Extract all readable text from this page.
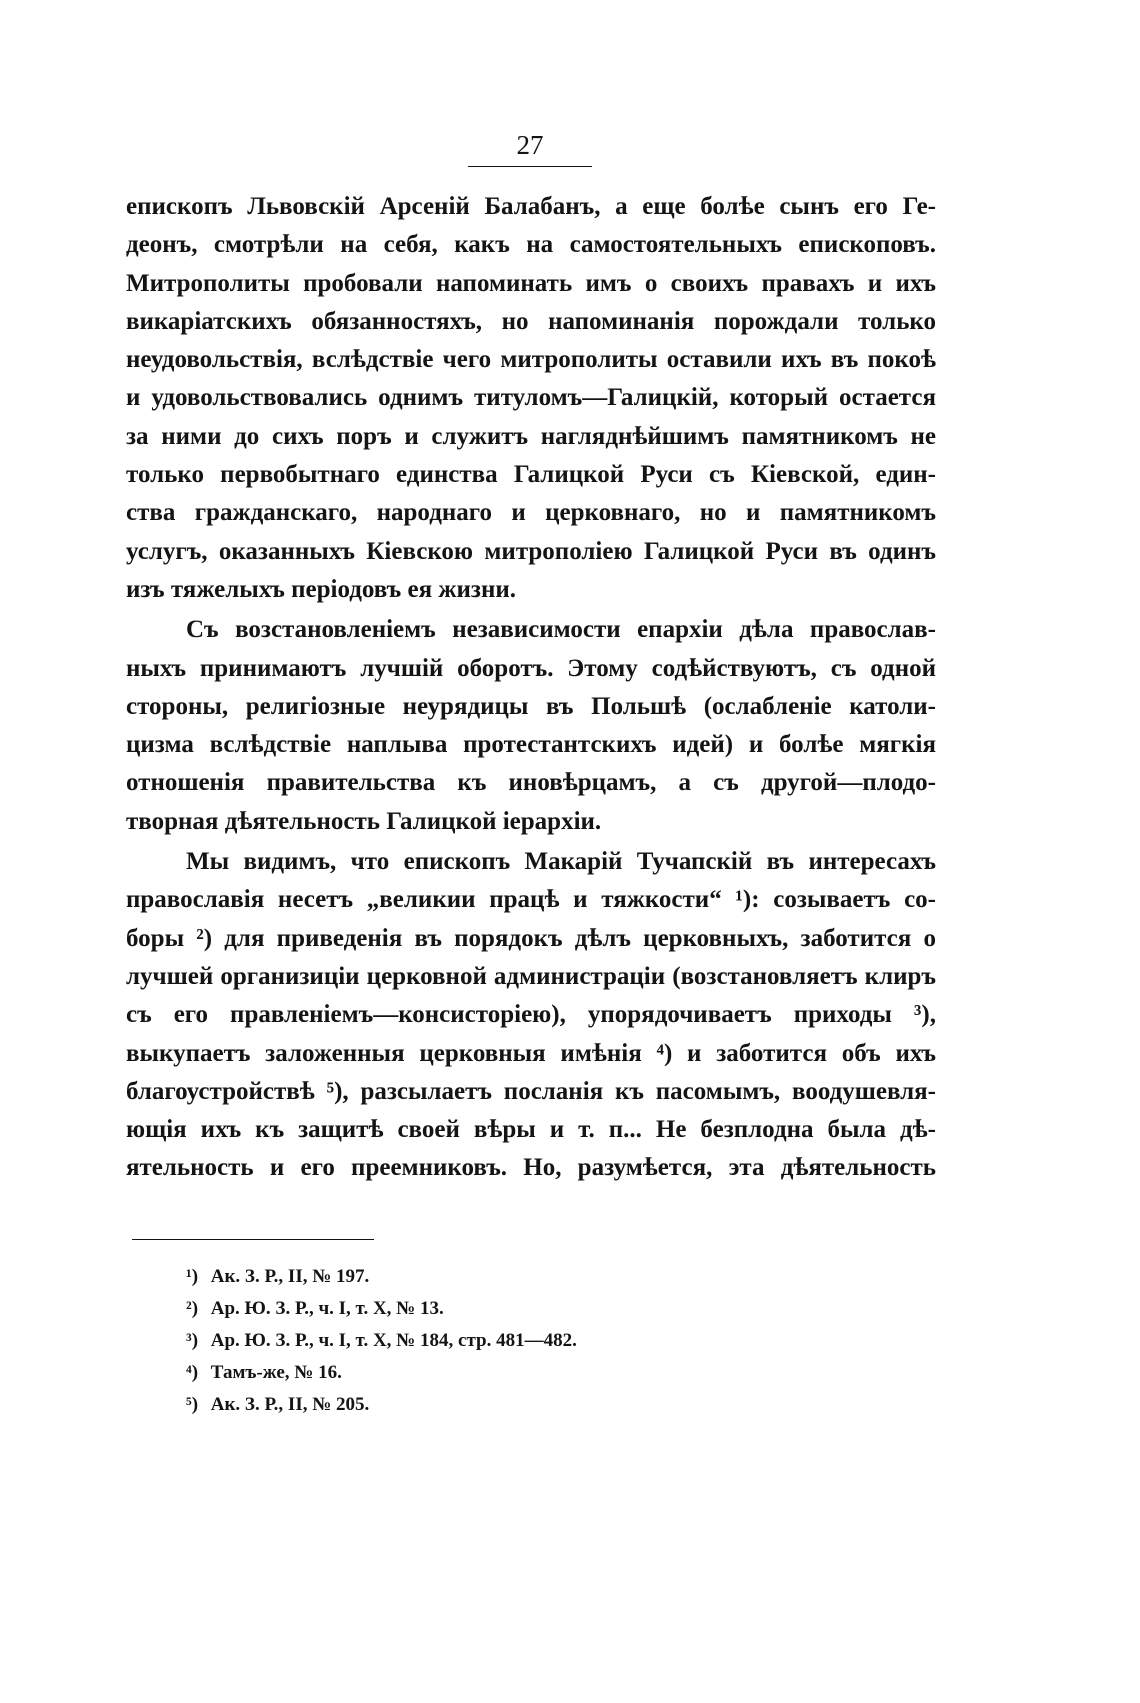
27

епископъ Львовскій Арсеній Балабанъ, а еще болѣе сынъ его Ге-
деонъ, смотрѣли на себя, какъ на самостоятельныхъ епископовъ.
Митрополиты пробовали напоминать имъ о своихъ правахъ и ихъ
викаріатскихъ обязанностяхъ, но напоминанія порождали только
неудовольствія, вслѣдствіе чего митрополиты оставили ихъ въ покоѣ
и удовольствовались однимъ титуломъ—Галицкій, который остается
за ними до сихъ поръ и служитъ нагляднѣйшимъ памятникомъ не
только первобытнаго единства Галицкой Руси съ Кіевской, един-
ства гражданскаго, народнаго и церковнаго, но и памятникомъ
услугъ, оказанныхъ Кіевскою митрополіею Галицкой Руси въ одинъ
изъ тяжелыхъ періодовъ ея жизни.

Съ возстановленіемъ независимости епархіи дѣла православ-
ныхъ принимаютъ лучшій оборотъ. Этому содѣйствуютъ, съ одной
стороны, религіозные неурядицы въ Польшѣ (ослабленіе католи-
цизма вслѣдствіе наплыва протестантскихъ идей) и болѣе мягкія
отношенія правительства къ иновѣрцамъ, а съ другой—плодо-
творная дѣятельность Галицкой іерархіи.

Мы видимъ, что епископъ Макарій Тучапскій въ интересахъ
православія несетъ „великии працѣ и тяжкости“ ¹): созываетъ со-
боры ²) для приведенія въ порядокъ дѣлъ церковныхъ, заботится о
лучшей организицiи церковной администрацiи (возстановляетъ клиръ
съ его правленіемъ—консисторіею), упорядочиваетъ приходы ³),
выкупаетъ заложенныя церковныя имѣнія ⁴) и заботится объ ихъ
благоустройствѣ ⁵), разсылаетъ посланія къ пасомымъ, воодушевля-
ющія ихъ къ защитѣ своей вѣры и т. п... Не безплодна была дѣ-
ятельность и его преемниковъ. Но, разумѣется, эта дѣятельность

¹) Ак. З. Р., II, № 197.
²) Ар. Ю. З. Р., ч. I, т. X, № 13.
³) Ар. Ю. З. Р., ч. I, т. X, № 184, стр. 481—482.
⁴) Тамъ-же, № 16.
⁵) Ак. З. Р., II, № 205.
